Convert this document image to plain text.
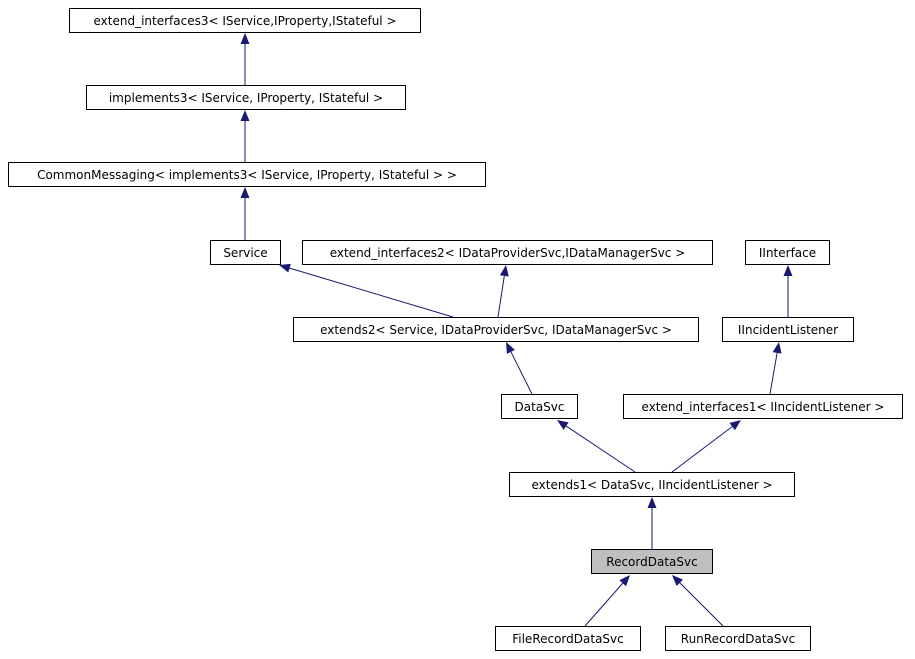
extend_interfaces3< IService,IProperty,IStateful >
implements3< IService, IProperty, IStateful >
CommonMessaging< implements3< IService, IProperty, IStateful > >
Service	extend_interfaces2< IDataProviderSvc,IDataManagerSvc >	IInterface
extends2< Service, IDataProviderSvc, IDataManagerSvc >	IIncidentListener
DataSvc	extend_interfaces1< IIncidentListener >
extends1< DataSvc, IIncidentListener >
RecordDataSvc
FileRecordDataSvc	RunRecordDataSvc
